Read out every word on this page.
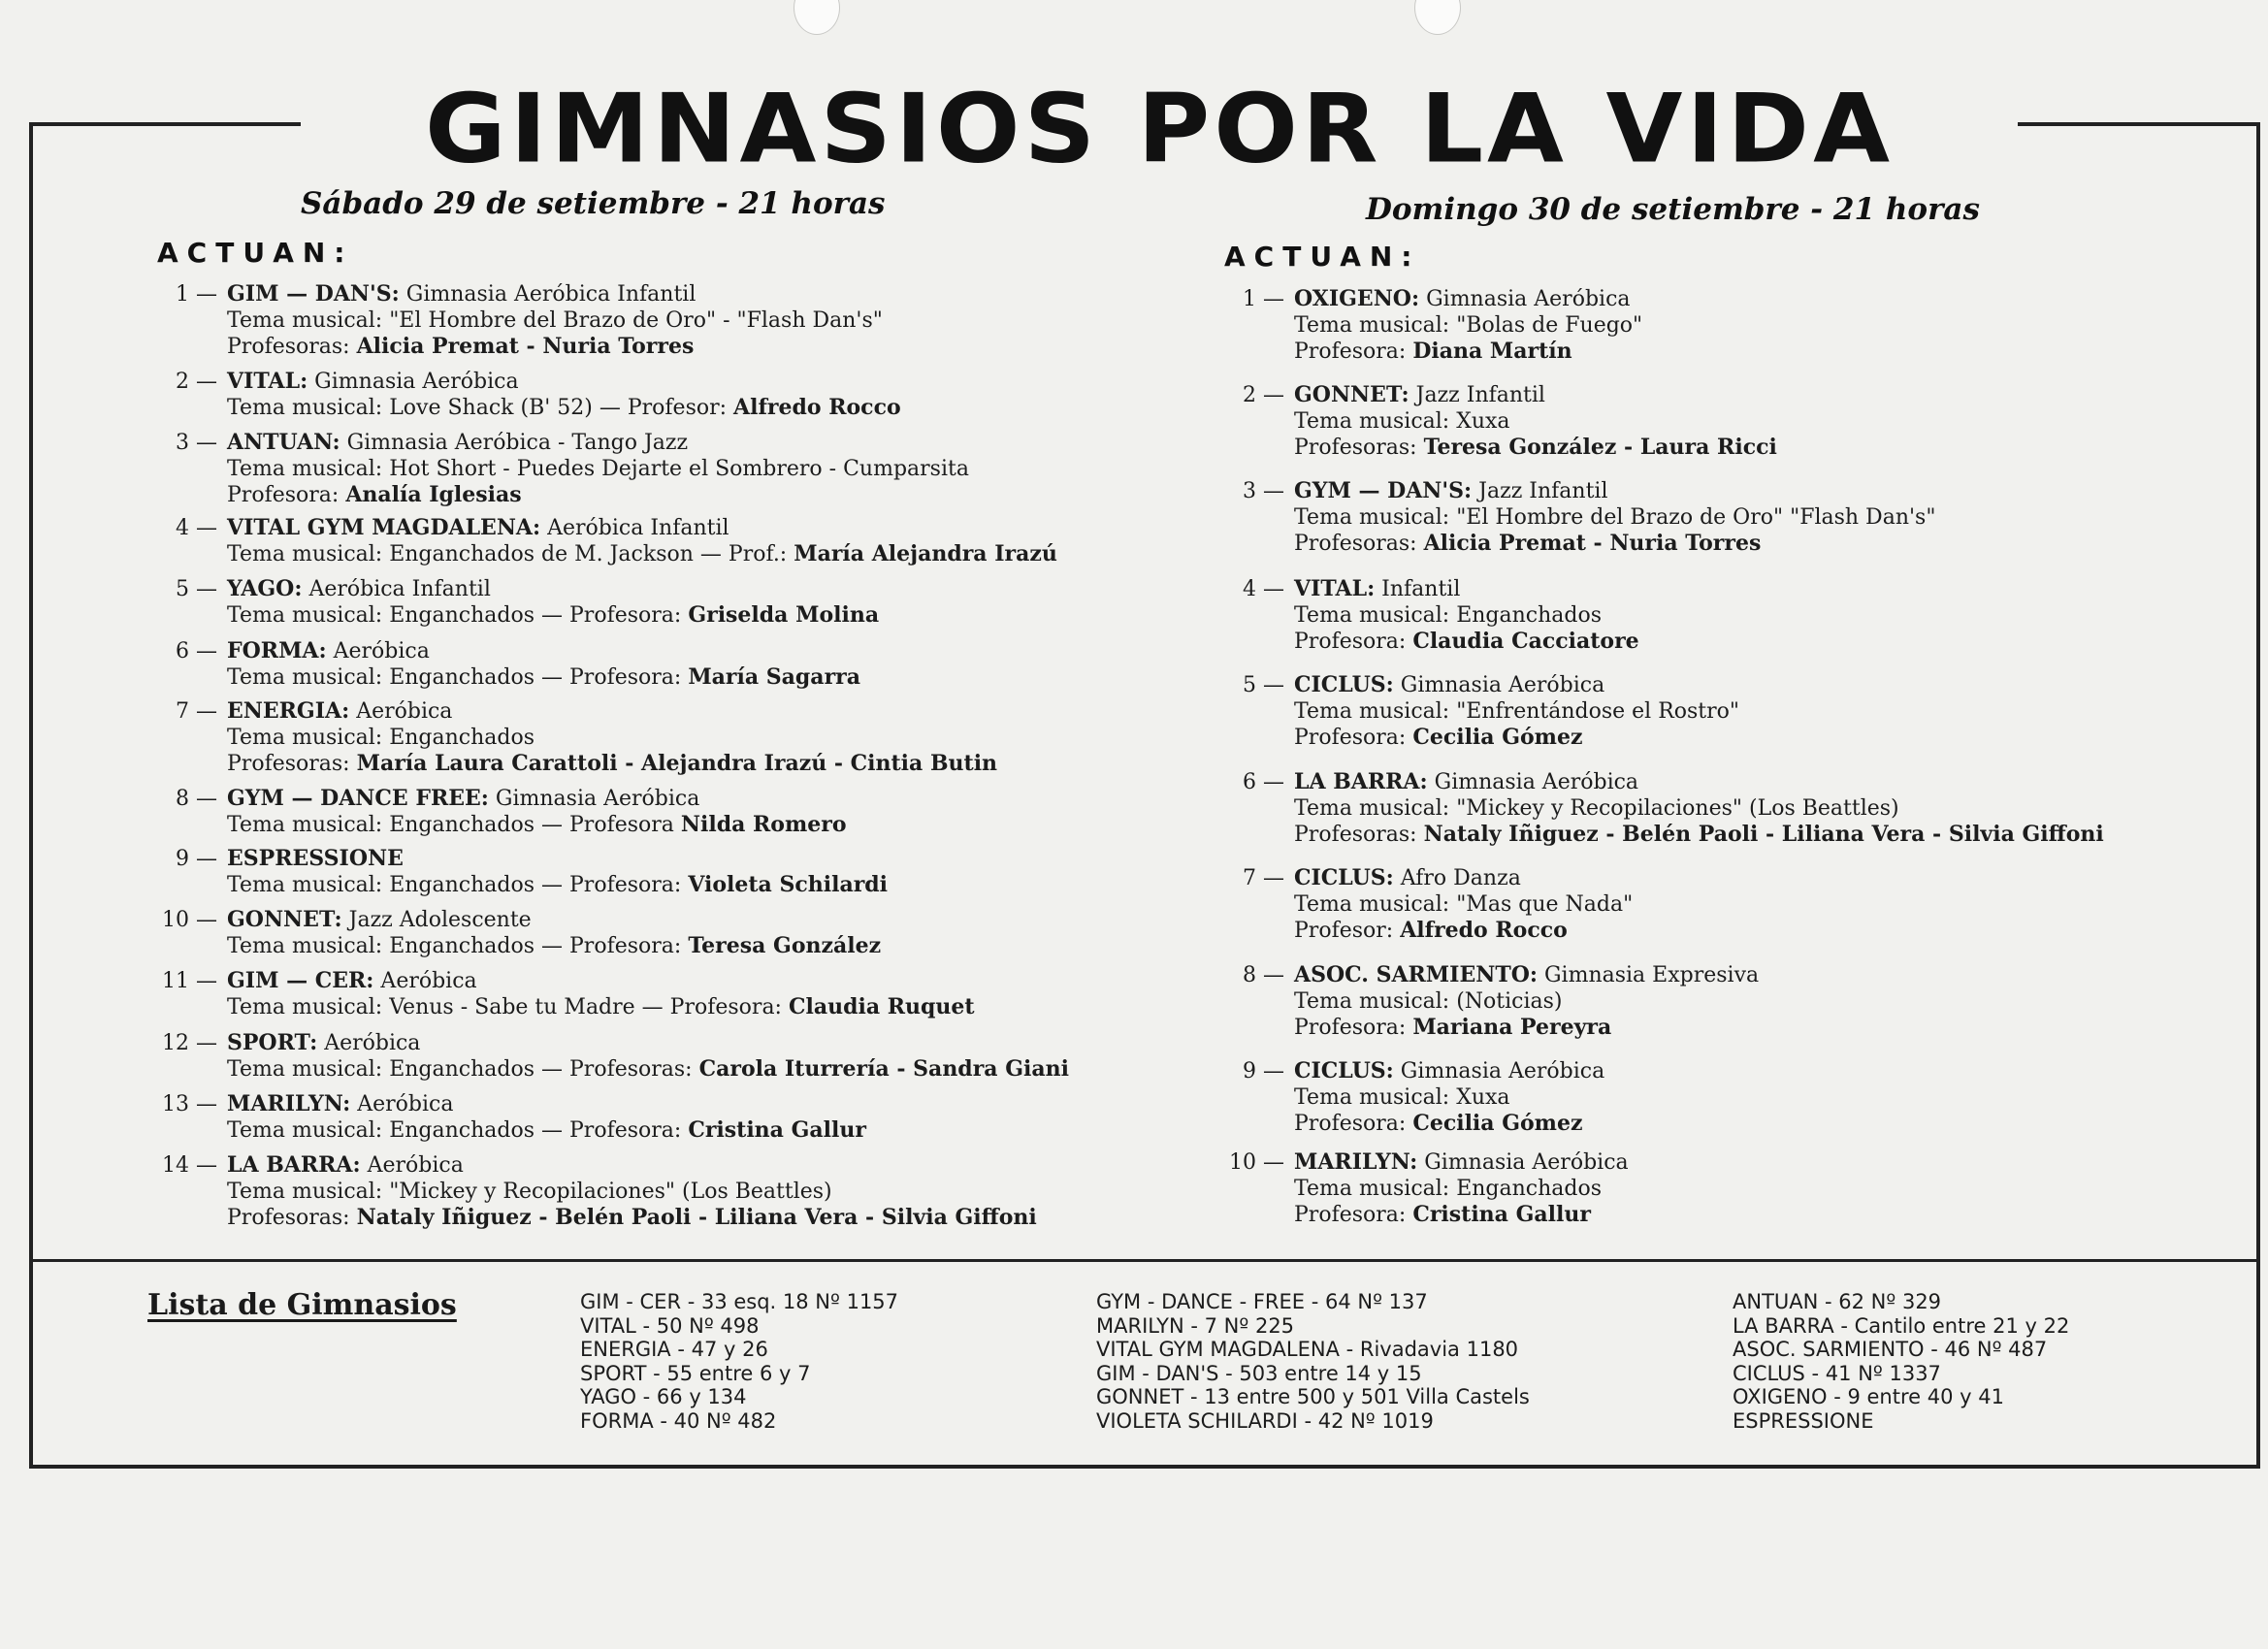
GIMNASIOS POR LA VIDA
Sábado 29 de setiembre - 21 horas
ACTUAN:
Domingo 30 de setiembre - 21 horas
ACTUAN:
1 — GIM — DAN'S: Gimnasia Aeróbica Infantil
Tema musical: "El Hombre del Brazo de Oro" - "Flash Dan's"
Profesoras: Alicia Premat - Nuria Torres
2 — VITAL: Gimnasia Aeróbica
Tema musical: Love Shack (B' 52) — Profesor: Alfredo Rocco
3 — ANTUAN: Gimnasia Aeróbica - Tango Jazz
Tema musical: Hot Short - Puedes Dejarte el Sombrero - Cumparsita
Profesora: Analía Iglesias
4 — VITAL GYM MAGDALENA: Aeróbica Infantil
Tema musical: Enganchados de M. Jackson — Prof.: María Alejandra Irazú
5 — YAGO: Aeróbica Infantil
Tema musical: Enganchados — Profesora: Griselda Molina
6 — FORMA: Aeróbica
Tema musical: Enganchados — Profesora: María Sagarra
7 — ENERGIA: Aeróbica
Tema musical: Enganchados
Profesoras: María Laura Carattoli - Alejandra Irazú - Cintia Butin
8 — GYM — DANCE FREE: Gimnasia Aeróbica
Tema musical: Enganchados — Profesora Nilda Romero
9 — ESPRESSIONE
Tema musical: Enganchados — Profesora: Violeta Schilardi
10 — GONNET: Jazz Adolescente
Tema musical: Enganchados — Profesora: Teresa González
11 — GIM — CER: Aeróbica
Tema musical: Venus - Sabe tu Madre — Profesora: Claudia Ruquet
12 — SPORT: Aeróbica
Tema musical: Enganchados — Profesoras: Carola Iturrería - Sandra Giani
13 — MARILYN: Aeróbica
Tema musical: Enganchados — Profesora: Cristina Gallur
14 — LA BARRA: Aeróbica
Tema musical: "Mickey y Recopilaciones" (Los Beattles)
Profesoras: Nataly Iñiguez - Belén Paoli - Liliana Vera - Silvia Giffoni
1 — OXIGENO: Gimnasia Aeróbica
Tema musical: "Bolas de Fuego"
Profesora: Diana Martín
2 — GONNET: Jazz Infantil
Tema musical: Xuxa
Profesoras: Teresa González - Laura Ricci
3 — GYM — DAN'S: Jazz Infantil
Tema musical: "El Hombre del Brazo de Oro" "Flash Dan's"
Profesoras: Alicia Premat - Nuria Torres
4 — VITAL: Infantil
Tema musical: Enganchados
Profesora: Claudia Cacciatore
5 — CICLUS: Gimnasia Aeróbica
Tema musical: "Enfrentándose el Rostro"
Profesora: Cecilia Gómez
6 — LA BARRA: Gimnasia Aeróbica
Tema musical: "Mickey y Recopilaciones" (Los Beattles)
Profesoras: Nataly Iñiguez - Belén Paoli - Liliana Vera - Silvia Giffoni
7 — CICLUS: Afro Danza
Tema musical: "Mas que Nada"
Profesor: Alfredo Rocco
8 — ASOC. SARMIENTO: Gimnasia Expresiva
Tema musical: (Noticias)
Profesora: Mariana Pereyra
9 — CICLUS: Gimnasia Aeróbica
Tema musical: Xuxa
Profesora: Cecilia Gómez
10 — MARILYN: Gimnasia Aeróbica
Tema musical: Enganchados
Profesora: Cristina Gallur
Lista de Gimnasios	GIM - CER - 33 esq. 18 Nº 1157
VITAL - 50 Nº 498
ENERGIA - 47 y 26
SPORT - 55 entre 6 y 7
YAGO - 66 y 134
FORMA - 40 Nº 482
GYM - DANCE - FREE - 64 Nº 137
MARILYN - 7 Nº 225
VITAL GYM MAGDALENA - Rivadavia 1180
GIM - DAN'S - 503 entre 14 y 15
GONNET - 13 entre 500 y 501 Villa Castels
VIOLETA SCHILARDI - 42 Nº 1019
ANTUAN - 62 Nº 329
LA BARRA - Cantilo entre 21 y 22
ASOC. SARMIENTO - 46 Nº 487
CICLUS - 41 Nº 1337
OXIGENO - 9 entre 40 y 41
ESPRESSIONE
